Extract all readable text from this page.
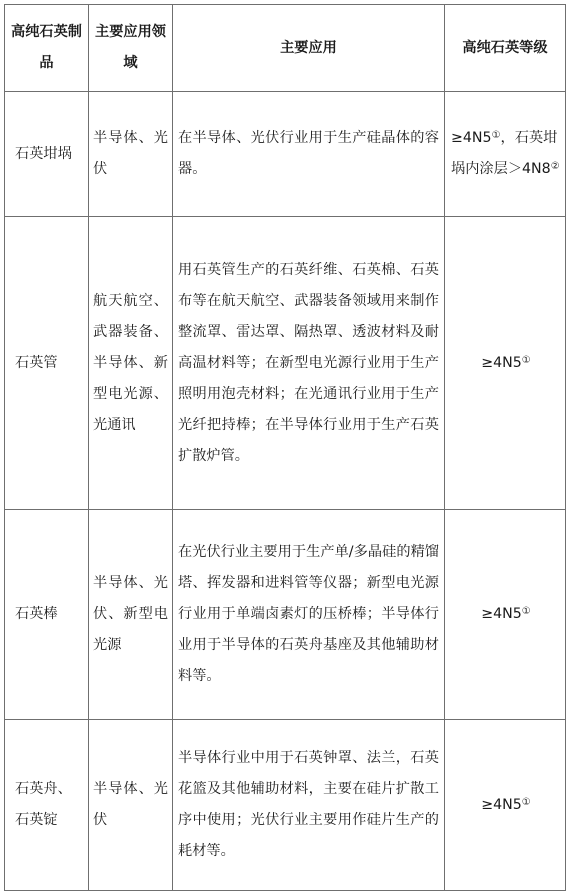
高纯石英制品	主要应用领域	主要应用	高纯石英等级

石英坩埚	半导体、光伏	在半导体、光伏行业用于生产硅晶体的容器。	≥4N5①，石英坩埚内涂层＞4N8②

石英管	航天航空、武器装备、半导体、新型电光源、光通讯	用石英管生产的石英纤维、石英棉、石英布等在航天航空、武器装备领域用来制作整流罩、雷达罩、隔热罩、透波材料及耐高温材料等；在新型电光源行业用于生产照明用泡壳材料；在光通讯行业用于生产光纤把持棒；在半导体行业用于生产石英扩散炉管。	≥4N5①

石英棒	半导体、光伏、新型电光源	在光伏行业主要用于生产单/多晶硅的精馏塔、挥发器和进料管等仪器；新型电光源行业用于单端卤素灯的压桥棒；半导体行业用于半导体的石英舟基座及其他辅助材料等。	≥4N5①

石英舟、石英锭	半导体、光伏	半导体行业中用于石英钟罩、法兰，石英花篮及其他辅助材料，主要在硅片扩散工序中使用；光伏行业主要用作硅片生产的耗材等。	≥4N5①
